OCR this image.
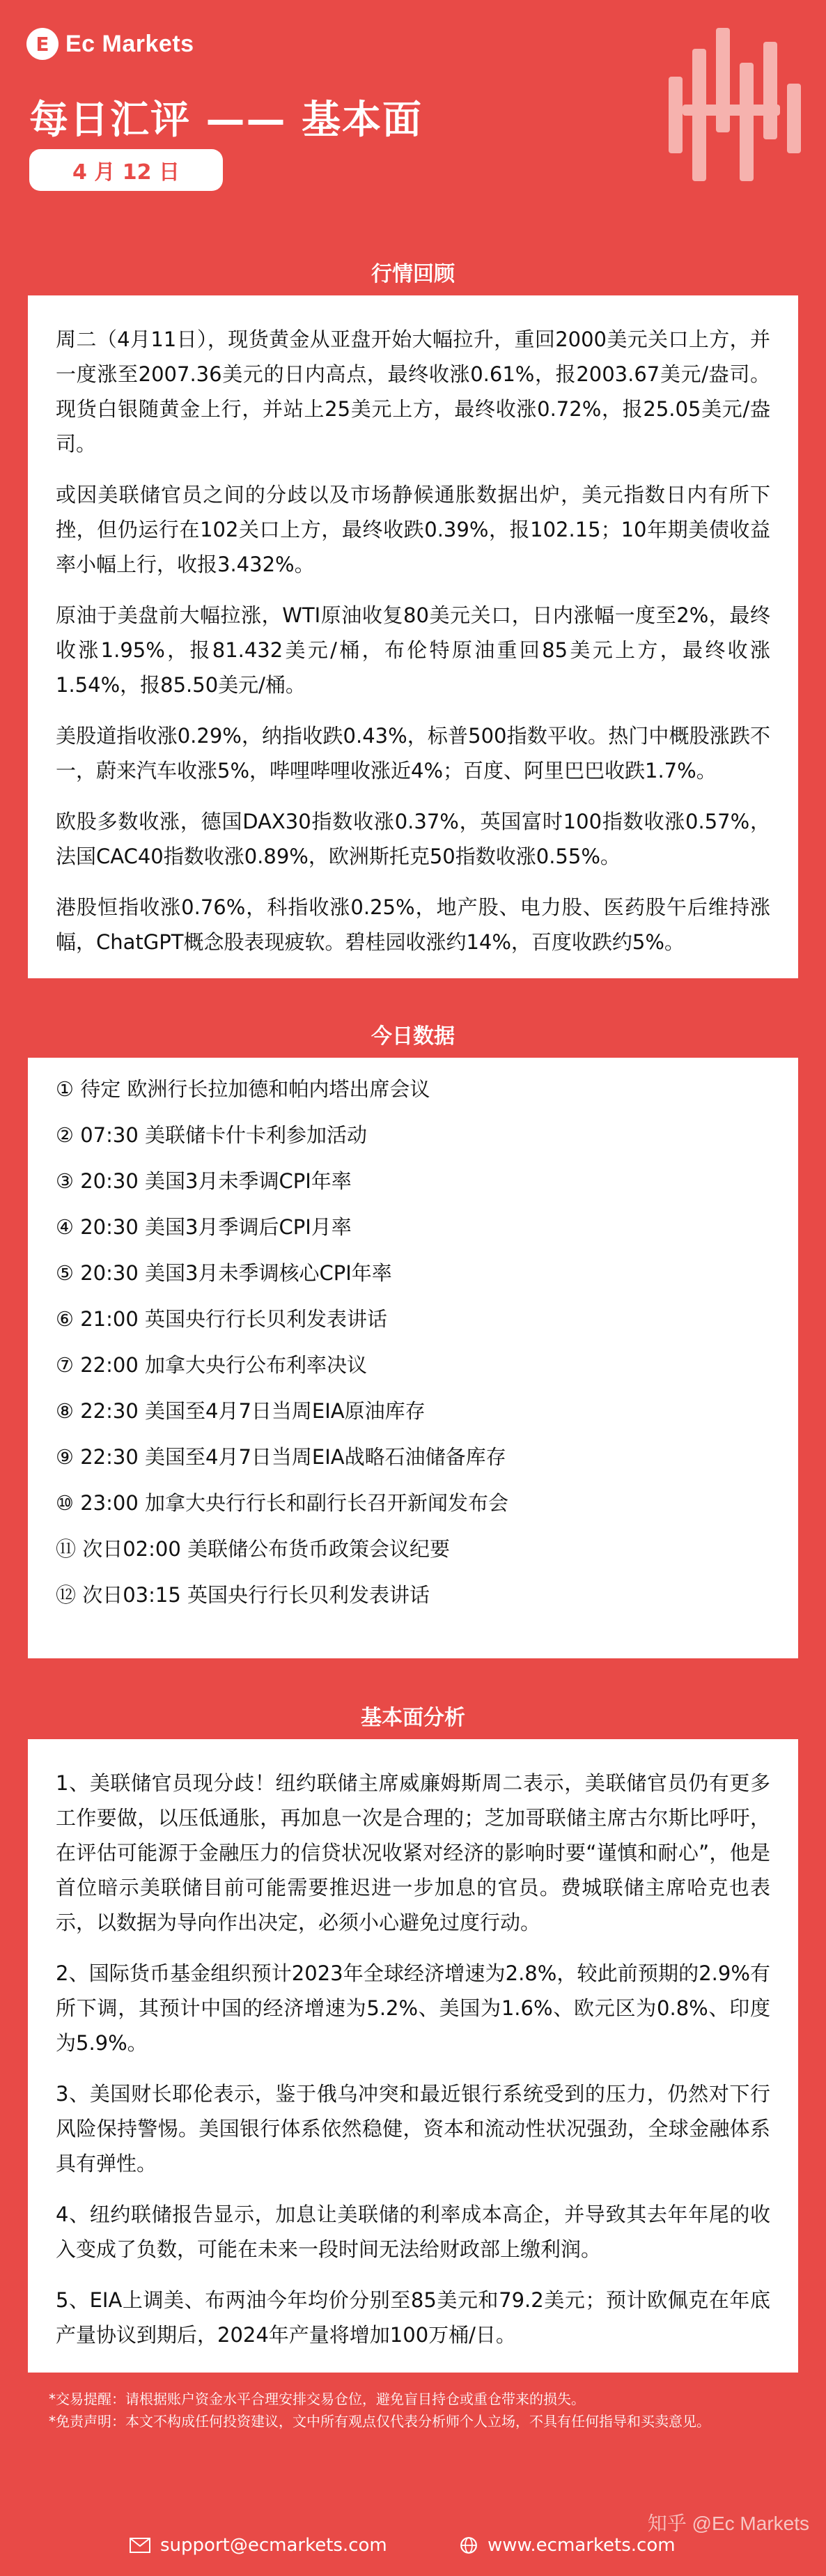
E Ec Markets
每日汇评 —— 基本面
4 月 12 日
行情回顾

周二（4月11日），现货黄金从亚盘开始大幅拉升，重回2000美元关口上方，并一度涨至2007.36美元的日内高点，最终收涨0.61%，报2003.67美元/盎司。现货白银随黄金上行，并站上25美元上方，最终收涨0.72%，报25.05美元/盎司。

或因美联储官员之间的分歧以及市场静候通胀数据出炉，美元指数日内有所下挫，但仍运行在102关口上方，最终收跌0.39%，报102.15；10年期美债收益率小幅上行，收报3.432%。

原油于美盘前大幅拉涨，WTI原油收复80美元关口，日内涨幅一度至2%，最终收涨1.95%，报81.432美元/桶，布伦特原油重回85美元上方，最终收涨1.54%，报85.50美元/桶。

美股道指收涨0.29%，纳指收跌0.43%，标普500指数平收。热门中概股涨跌不一，蔚来汽车收涨5%，哔哩哔哩收涨近4%；百度、阿里巴巴收跌1.7%。

欧股多数收涨，德国DAX30指数收涨0.37%，英国富时100指数收涨0.57%，法国CAC40指数收涨0.89%，欧洲斯托克50指数收涨0.55%。

港股恒指收涨0.76%，科指收涨0.25%，地产股、电力股、医药股午后维持涨幅，ChatGPT概念股表现疲软。碧桂园收涨约14%，百度收跌约5%。

今日数据
① 待定 欧洲行长拉加德和帕内塔出席会议
② 07:30 美联储卡什卡利参加活动
③ 20:30 美国3月未季调CPI年率
④ 20:30 美国3月季调后CPI月率
⑤ 20:30 美国3月未季调核心CPI年率
⑥ 21:00 英国央行行长贝利发表讲话
⑦ 22:00 加拿大央行公布利率决议
⑧ 22:30 美国至4月7日当周EIA原油库存
⑨ 22:30 美国至4月7日当周EIA战略石油储备库存
⑩ 23:00 加拿大央行行长和副行长召开新闻发布会
⑪ 次日02:00 美联储公布货币政策会议纪要
⑫ 次日03:15 英国央行行长贝利发表讲话
基本面分析

1、美联储官员现分歧！纽约联储主席威廉姆斯周二表示，美联储官员仍有更多工作要做，以压低通胀，再加息一次是合理的；芝加哥联储主席古尔斯比呼吁，在评估可能源于金融压力的信贷状况收紧对经济的影响时要“谨慎和耐心”，他是首位暗示美联储目前可能需要推迟进一步加息的官员。费城联储主席哈克也表示，以数据为导向作出决定，必须小心避免过度行动。

2、国际货币基金组织预计2023年全球经济增速为2.8%，较此前预期的2.9%有所下调，其预计中国的经济增速为5.2%、美国为1.6%、欧元区为0.8%、印度为5.9%。

3、美国财长耶伦表示，鉴于俄乌冲突和最近银行系统受到的压力，仍然对下行风险保持警惕。美国银行体系依然稳健，资本和流动性状况强劲，全球金融体系具有弹性。

4、纽约联储报告显示，加息让美联储的利率成本高企，并导致其去年年尾的收入变成了负数，可能在未来一段时间无法给财政部上缴利润。

5、EIA上调美、布两油今年均价分别至85美元和79.2美元；预计欧佩克在年底产量协议到期后，2024年产量将增加100万桶/日。

*交易提醒：请根据账户资金水平合理安排交易仓位，避免盲目持仓或重仓带来的损失。
*免责声明：本文不构成任何投资建议，文中所有观点仅代表分析师个人立场，不具有任何指导和买卖意见。
support@ecmarkets.com	www.ecmarkets.com
知乎 @Ec Markets
